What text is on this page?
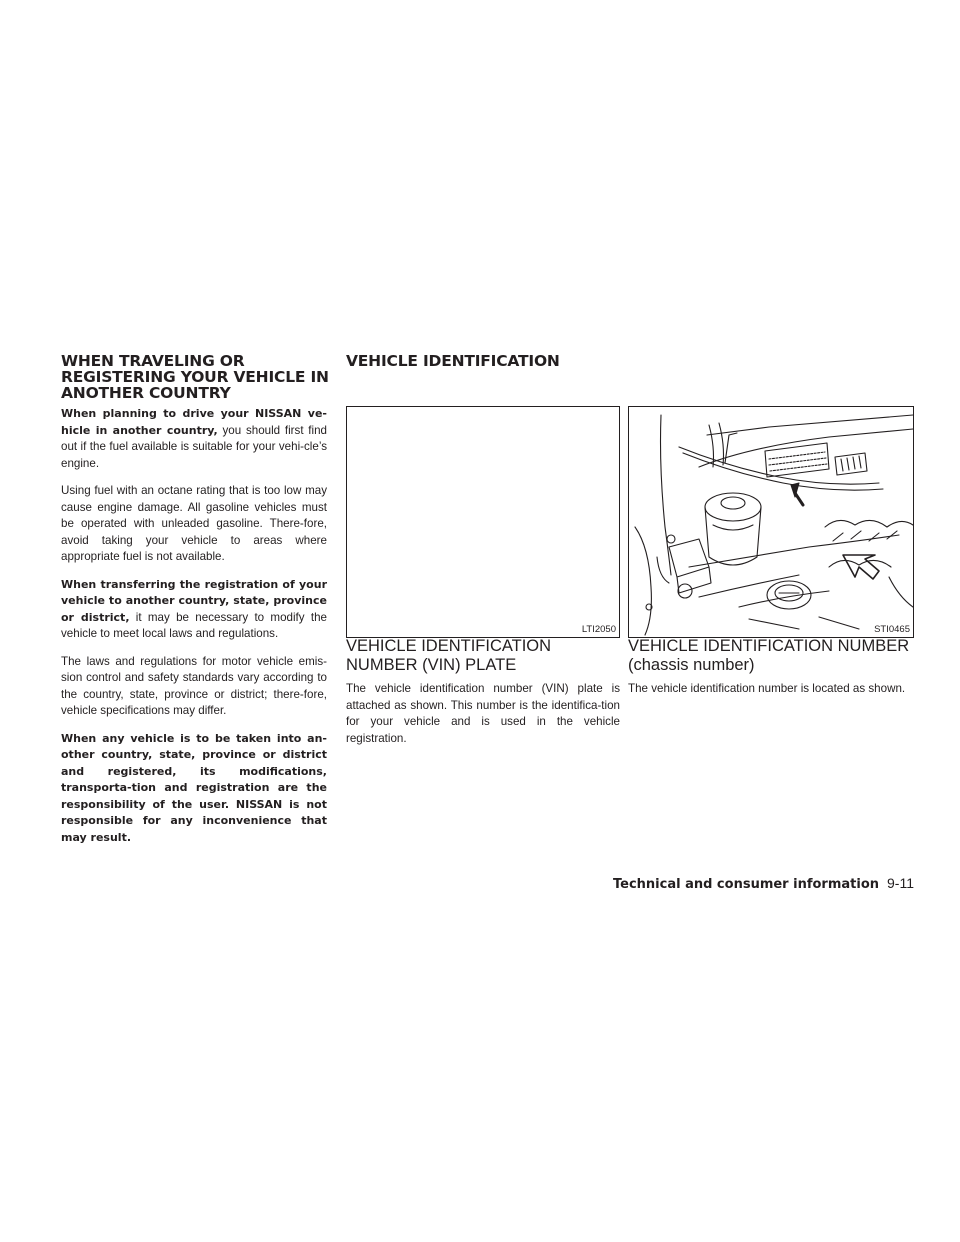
WHEN TRAVELING OR REGISTERING YOUR VEHICLE IN ANOTHER COUNTRY

When planning to drive your NISSAN ve-hicle in another country, you should first find out if the fuel available is suitable for your vehi-cle’s engine.

Using fuel with an octane rating that is too low may cause engine damage. All gasoline vehicles must be operated with unleaded gasoline. There-fore, avoid taking your vehicle to areas where appropriate fuel is not available.

When transferring the registration of your vehicle to another country, state, province or district, it may be necessary to modify the vehicle to meet local laws and regulations.

The laws and regulations for motor vehicle emis-sion control and safety standards vary according to the country, state, province or district; there-fore, vehicle specifications may differ.

When any vehicle is to be taken into an-other country, state, province or district and registered, its modifications, transporta-tion and registration are the responsibility of the user. NISSAN is not responsible for any inconvenience that may result.

VEHICLE IDENTIFICATION
LTI2050	STI0465
VEHICLE IDENTIFICATION NUMBER (VIN) PLATE
VEHICLE IDENTIFICATION NUMBER (chassis number)

The vehicle identification number (VIN) plate is attached as shown. This number is the identifica-tion for your vehicle and is used in the vehicle registration.

The vehicle identification number is located as shown.

Technical and consumer information 9-11
